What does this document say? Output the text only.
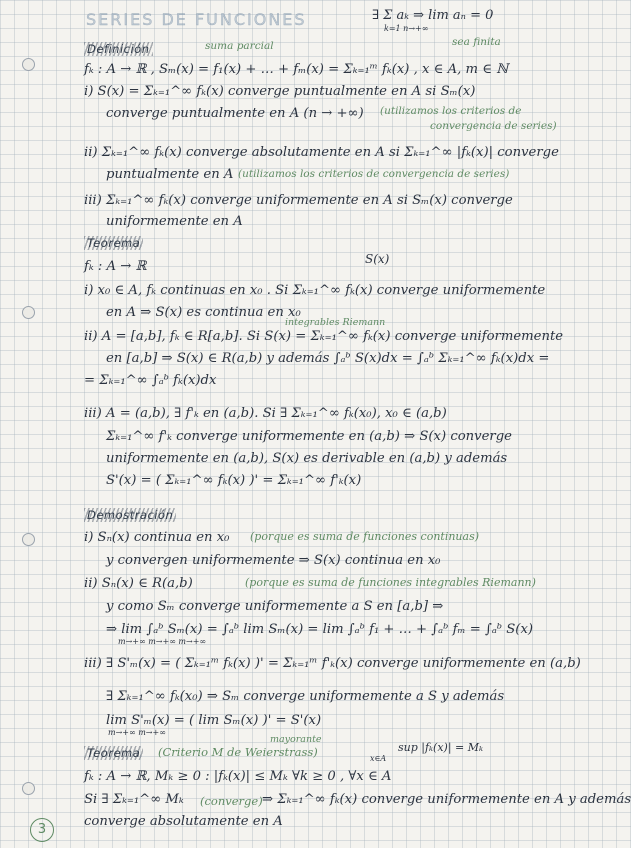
SERIES DE FUNCIONES	∃ Σ aₖ ⇒ lim aₙ = 0
k=1 n→+∞
sea finita
Definición	suma parcial
fₖ : A → ℝ , Sₘ(x) = f₁(x) + … + fₘ(x) = Σₖ₌₁ᵐ fₖ(x) , x ∈ A, m ∈ ℕ
i) S(x) = Σₖ₌₁^∞ fₖ(x) converge puntualmente en A si Sₘ(x)
converge puntualmente en A (n → +∞)	(utilizamos los criterios de
convergencia de series)
ii) Σₖ₌₁^∞ fₖ(x) converge absolutamente en A si Σₖ₌₁^∞ |fₖ(x)| converge
puntualmente en A (utilizamos los criterios de convergencia de series)
iii) Σₖ₌₁^∞ fₖ(x) converge uniformemente en A si Sₘ(x) converge
uniformemente en A
Teorema
S(x)
fₖ : A → ℝ
i) x₀ ∈ A, fₖ continuas en x₀ . Si Σₖ₌₁^∞ fₖ(x) converge uniformemente
en A ⇒ S(x) es continua en x₀
integrables Riemann
ii) A = [a,b], fₖ ∈ R[a,b]. Si S(x) = Σₖ₌₁^∞ fₖ(x) converge uniformemente
en [a,b] ⇒ S(x) ∈ R(a,b) y además ∫ₐᵇ S(x)dx = ∫ₐᵇ Σₖ₌₁^∞ fₖ(x)dx =
= Σₖ₌₁^∞ ∫ₐᵇ fₖ(x)dx
iii) A = (a,b), ∃ f'ₖ en (a,b). Si ∃ Σₖ₌₁^∞ fₖ(x₀), x₀ ∈ (a,b)
Σₖ₌₁^∞ f'ₖ converge uniformemente en (a,b) ⇒ S(x) converge
uniformemente en (a,b), S(x) es derivable en (a,b) y además
S'(x) = ( Σₖ₌₁^∞ fₖ(x) )' = Σₖ₌₁^∞ f'ₖ(x)
Demostración
i) Sₙ(x) continua en x₀	(porque es suma de funciones continuas)
y convergen uniformemente ⇒ S(x) continua en x₀
ii) Sₙ(x) ∈ R(a,b)	(porque es suma de funciones integrables Riemann)
y como Sₘ converge uniformemente a S en [a,b] ⇒
⇒ lim ∫ₐᵇ Sₘ(x) = ∫ₐᵇ lim Sₘ(x) = lim ∫ₐᵇ f₁ + … + ∫ₐᵇ fₘ = ∫ₐᵇ S(x)
m→+∞ m→+∞ m→+∞
iii) ∃ S'ₘ(x) = ( Σₖ₌₁ᵐ fₖ(x) )' = Σₖ₌₁ᵐ f'ₖ(x) converge uniformemente en (a,b)
∃ Σₖ₌₁^∞ fₖ(x₀) ⇒ Sₘ converge uniformemente a S y además
lim S'ₘ(x) = ( lim Sₘ(x) )' = S'(x)
m→+∞ m→+∞
mayorante
Teorema (Criterio M de Weierstrass)	sup |fₖ(x)| = Mₖ
x∈A
fₖ : A → ℝ, Mₖ ≥ 0 : |fₖ(x)| ≤ Mₖ ∀k ≥ 0 , ∀x ∈ A
Si ∃ Σₖ₌₁^∞ Mₖ	(converge) ⇒ Σₖ₌₁^∞ fₖ(x) converge uniformemente en A y además
converge absolutamente en A
3
